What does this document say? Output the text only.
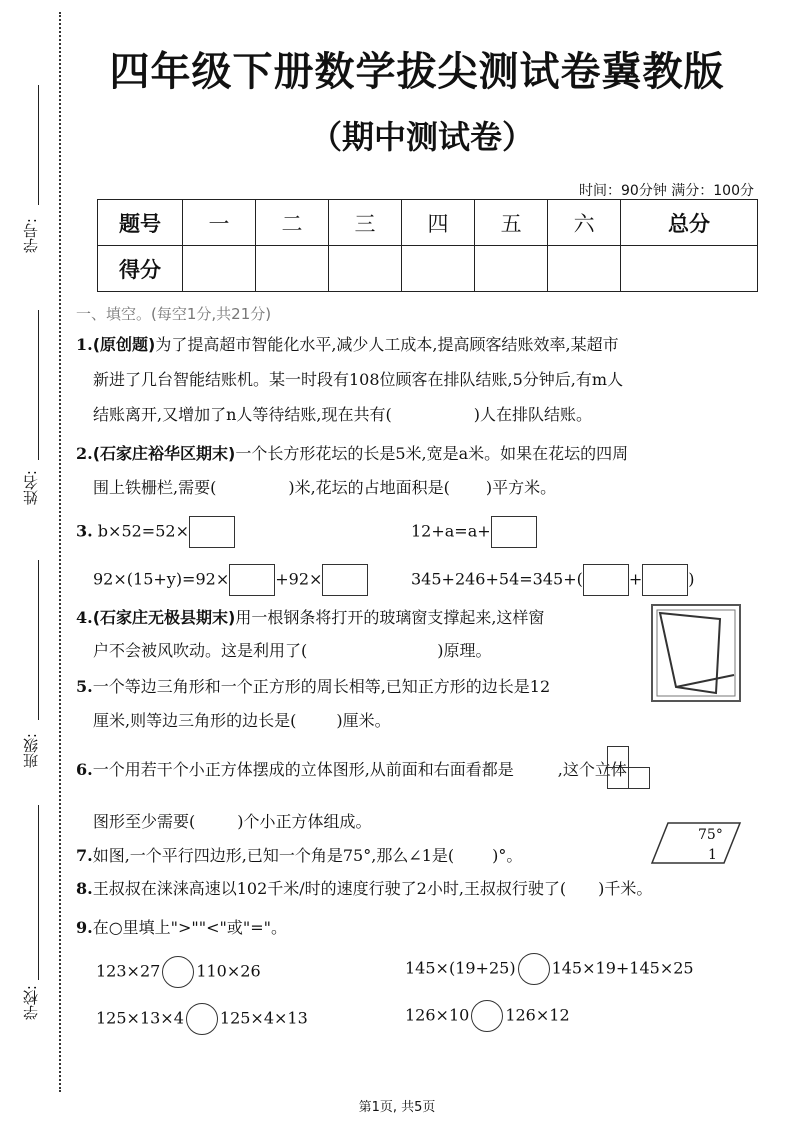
学号:
姓名:
班级:
学校:
四年级下册数学拔尖测试卷冀教版
（期中测试卷）
时间：90分钟 满分：100分
题号	一	二	三	四	五	六	总分
得分							
一、填空。(每空1分,共21分)
1.(原创题)为了提高超市智能化水平,减少人工成本,提高顾客结账效率,某超市
新进了几台智能结账机。某一时段有108位顾客在排队结账,5分钟后,有m人
结账离开,又增加了n人等待结账,现在共有(	)人在排队结账。
2.(石家庄裕华区期末)一个长方形花坛的长是5米,宽是a米。如果在花坛的四周
围上铁栅栏,需要(	)米,花坛的占地面积是( )平方米。
3. b×52=52×	12+a=a+
92×(15+y)=92×	+92×	345+246+54=345+(	+	)
4.(石家庄无极县期末)用一根钢条将打开的玻璃窗支撑起来,这样窗
户不会被风吹动。这是利用了(	)原理。
5.一个等边三角形和一个正方形的周长相等,已知正方形的边长是12
厘米,则等边三角形的边长是(	)厘米。
6.一个用若干个小正方体摆成的立体图形,从前面和右面看都是	,这个立体
图形至少需要(	)个小正方体组成。
7.如图,一个平行四边形,已知一个角是75°,那么∠1是( )°。
75°
1
8.王叔叔在涞涞高速以102千米/时的速度行驶了2小时,王叔叔行驶了( )千米。
9.在○里填上">""<"或"="。
123×27 110×26	145×(19+25) 145×19+145×25
125×13×4 125×4×13	126×10 126×12
第1页, 共5页
